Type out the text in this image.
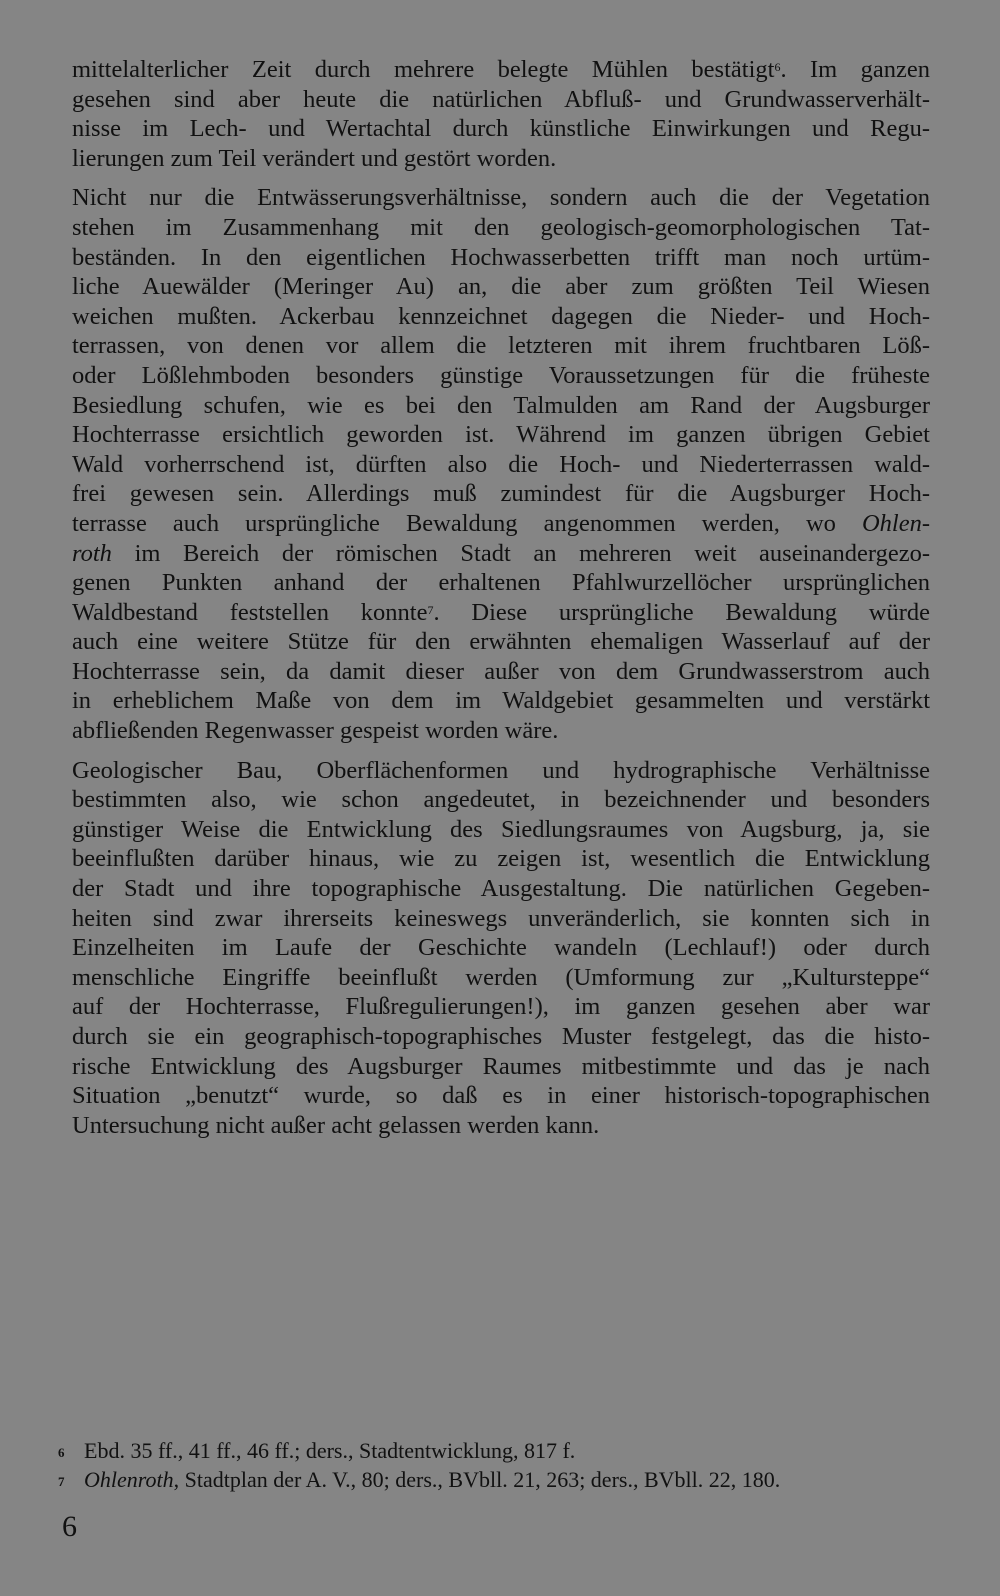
mittelalterlicher Zeit durch mehrere belegte Mühlen bestätigt$^6$. Im ganzen
gesehen sind aber heute die natürlichen Abfluß- und Grundwasserverhält-
nisse im Lech- und Wertachtal durch künstliche Einwirkungen und Regu-
lierungen zum Teil verändert und gestört worden.
Nicht nur die Entwässerungsverhältnisse, sondern auch die der Vegetation
stehen im Zusammenhang mit den geologisch-geomorphologischen Tat-
beständen. In den eigentlichen Hochwasserbetten trifft man noch urtüm-
liche Auewälder (Meringer Au) an, die aber zum größten Teil Wiesen
weichen mußten. Ackerbau kennzeichnet dagegen die Nieder- und Hoch-
terrassen, von denen vor allem die letzteren mit ihrem fruchtbaren Löß-
oder Lößlehmboden besonders günstige Voraussetzungen für die früheste
Besiedlung schufen, wie es bei den Talmulden am Rand der Augsburger
Hochterrasse ersichtlich geworden ist. Während im ganzen übrigen Gebiet
Wald vorherrschend ist, dürften also die Hoch- und Niederterrassen wald-
frei gewesen sein. Allerdings muß zumindest für die Augsburger Hoch-
terrasse auch ursprüngliche Bewaldung angenommen werden, wo Ohlen-
roth im Bereich der römischen Stadt an mehreren weit auseinandergezo-
genen Punkten anhand der erhaltenen Pfahlwurzellöcher ursprünglichen
Waldbestand feststellen konnte$^7$. Diese ursprüngliche Bewaldung würde
auch eine weitere Stütze für den erwähnten ehemaligen Wasserlauf auf der
Hochterrasse sein, da damit dieser außer von dem Grundwasserstrom auch
in erheblichem Maße von dem im Waldgebiet gesammelten und verstärkt
abfließenden Regenwasser gespeist worden wäre.
Geologischer Bau, Oberflächenformen und hydrographische Verhältnisse
bestimmten also, wie schon angedeutet, in bezeichnender und besonders
günstiger Weise die Entwicklung des Siedlungsraumes von Augsburg, ja, sie
beeinflußten darüber hinaus, wie zu zeigen ist, wesentlich die Entwicklung
der Stadt und ihre topographische Ausgestaltung. Die natürlichen Gegeben-
heiten sind zwar ihrerseits keineswegs unveränderlich, sie konnten sich in
Einzelheiten im Laufe der Geschichte wandeln (Lechlauf!) oder durch
menschliche Eingriffe beeinflußt werden (Umformung zur „Kultursteppe“
auf der Hochterrasse, Flußregulierungen!), im ganzen gesehen aber war
durch sie ein geographisch-topographisches Muster festgelegt, das die histo-
rische Entwicklung des Augsburger Raumes mitbestimmte und das je nach
Situation „benutzt“ wurde, so daß es in einer historisch-topographischen
Untersuchung nicht außer acht gelassen werden kann.
6 Ebd. 35 ff., 41 ff., 46 ff.; ders., Stadtentwicklung, 817 f.
7 Ohlenroth, Stadtplan der A. V., 80; ders., BVbll. 21, 263; ders., BVbll. 22, 180.
6
